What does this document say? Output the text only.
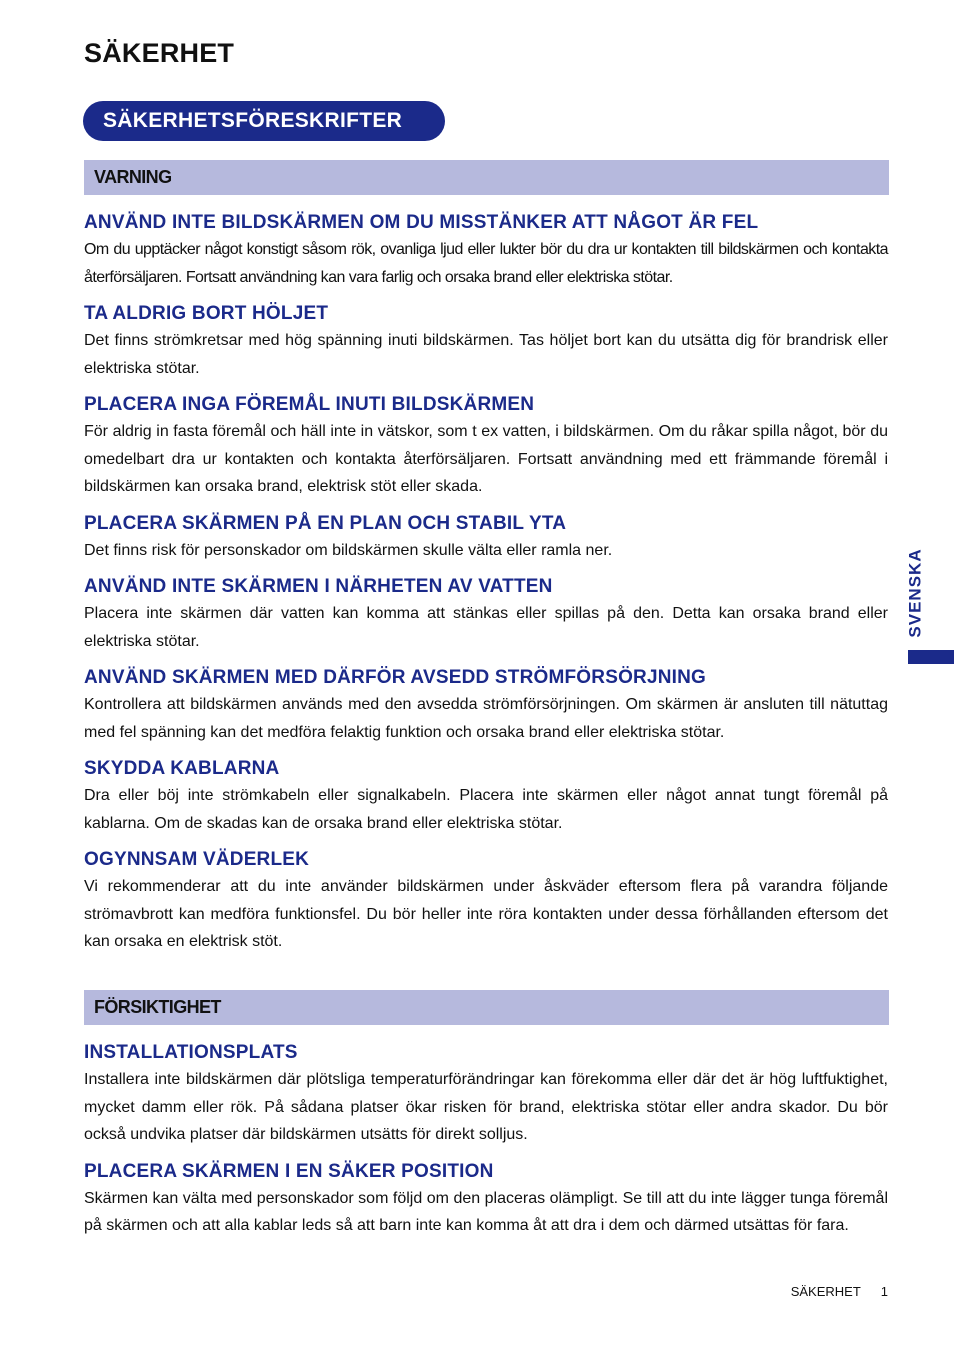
SÄKERHET
SÄKERHETSFÖRESKRIFTER
VARNING
ANVÄND INTE BILDSKÄRMEN OM DU MISSTÄNKER ATT NÅGOT ÄR FEL

Om du upptäcker något konstigt såsom rök, ovanliga ljud eller lukter bör du dra ur kontakten till bildskärmen och kontakta återförsäljaren. Fortsatt användning kan vara farlig och orsaka brand eller elektriska stötar.

TA ALDRIG BORT HÖLJET

Det finns strömkretsar med hög spänning inuti bildskärmen. Tas höljet bort kan du utsätta dig för brandrisk eller elektriska stötar.

PLACERA INGA FÖREMÅL INUTI BILDSKÄRMEN

För aldrig in fasta föremål och häll inte in vätskor, som t ex vatten, i bildskärmen. Om du råkar spilla något, bör du omedelbart dra ur kontakten och kontakta återförsäljaren. Fortsatt användning med ett främmande föremål i bildskärmen kan orsaka brand, elektrisk stöt eller skada.

PLACERA SKÄRMEN PÅ EN PLAN OCH STABIL YTA

Det finns risk för personskador om bildskärmen skulle välta eller ramla ner.

ANVÄND INTE SKÄRMEN I NÄRHETEN AV VATTEN

Placera inte skärmen där vatten kan komma att stänkas eller spillas på den. Detta kan orsaka brand eller elektriska stötar.

ANVÄND SKÄRMEN MED DÄRFÖR AVSEDD STRÖMFÖRSÖRJNING

Kontrollera att bildskärmen används med den avsedda strömförsörjningen. Om skärmen är ansluten till nätuttag med fel spänning kan det medföra felaktig funktion och orsaka brand eller elektriska stötar.

SKYDDA KABLARNA

Dra eller böj inte strömkabeln eller signalkabeln. Placera inte skärmen eller något annat tungt föremål på kablarna. Om de skadas kan de orsaka brand eller elektriska stötar.

OGYNNSAM VÄDERLEK

Vi rekommenderar att du inte använder bildskärmen under åskväder eftersom flera på varandra följande strömavbrott kan medföra funktionsfel. Du bör heller inte röra kontakten under dessa förhållanden eftersom det kan orsaka en elektrisk stöt.

FÖRSIKTIGHET
INSTALLATIONSPLATS

Installera inte bildskärmen där plötsliga temperaturförändringar kan förekomma eller där det är hög luftfuktighet, mycket damm eller rök. På sådana platser ökar risken för brand, elektriska stötar eller andra skador. Du bör också undvika platser där bildskärmen utsätts för direkt solljus.

PLACERA SKÄRMEN I EN SÄKER POSITION

Skärmen kan välta med personskador som följd om den placeras olämpligt. Se till att du inte lägger tunga föremål på skärmen och att alla kablar leds så att barn inte kan komma åt att dra i dem och därmed utsättas för fara.

SVENSKA
SÄKERHET 1
